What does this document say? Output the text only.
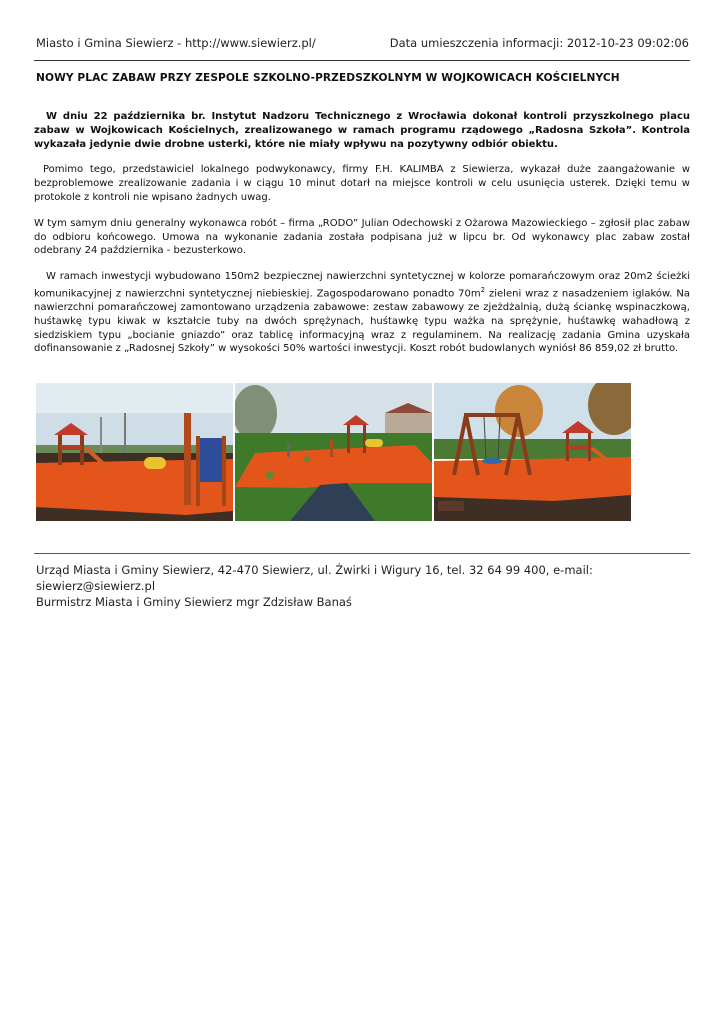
Miasto i Gmina Siewierz - http://www.siewierz.pl/	Data umieszczenia informacji: 2012-10-23 09:02:06
NOWY PLAC ZABAW PRZY ZESPOLE SZKOLNO-PRZEDSZKOLNYM W WOJKOWICACH KOŚCIELNYCH

W dniu 22 października br. Instytut Nadzoru Technicznego z Wrocławia dokonał kontroli przyszkolnego placu zabaw w Wojkowicach Kościelnych, zrealizowanego w ramach programu rządowego „Radosna Szkoła”. Kontrola wykazała jedynie dwie drobne usterki, które nie miały wpływu na pozytywny odbiór obiektu.

Pomimo tego, przedstawiciel lokalnego podwykonawcy, firmy F.H. KALIMBA z Siewierza, wykazał duże zaangażowanie w bezproblemowe zrealizowanie zadania i w ciągu 10 minut dotarł na miejsce kontroli w celu usunięcia usterek. Dzięki temu w protokole z kontroli nie wpisano żadnych uwag.

W tym samym dniu generalny wykonawca robót – firma „RODO” Julian Odechowski z Ożarowa Mazowieckiego – zgłosił plac zabaw do odbioru końcowego. Umowa na wykonanie zadania została podpisana już w lipcu br. Od wykonawcy plac zabaw został odebrany 24 października - bezusterkowo.

W ramach inwestycji wybudowano 150m2 bezpiecznej nawierzchni syntetycznej w kolorze pomarańczowym oraz 20m2 ścieżki komunikacyjnej z nawierzchni syntetycznej niebieskiej. Zagospodarowano ponadto $70m^2$ zieleni wraz z nasadzeniem iglaków. Na nawierzchni pomarańczowej zamontowano urządzenia zabawowe: zestaw zabawowy ze zjeżdżalnią, dużą ściankę wspinaczkową, huśtawkę typu kiwak w kształcie tuby na dwóch sprężynach, huśtawkę typu ważka na sprężynie, huśtawkę wahadłową z siedziskiem typu „bocianie gniazdo” oraz tablicę informacyjną wraz z regulaminem. Na realizację zadania Gmina uzyskała dofinansowanie z „Radosnej Szkoły” w wysokości 50% wartości inwestycji. Koszt robót budowlanych wyniósł 86 859,02 zł brutto.

Urząd Miasta i Gminy Siewierz, 42-470 Siewierz, ul. Żwirki i Wigury 16, tel. 32 64 99 400, e-mail: siewierz@siewierz.pl
Burmistrz Miasta i Gminy Siewierz mgr Zdzisław Banaś
